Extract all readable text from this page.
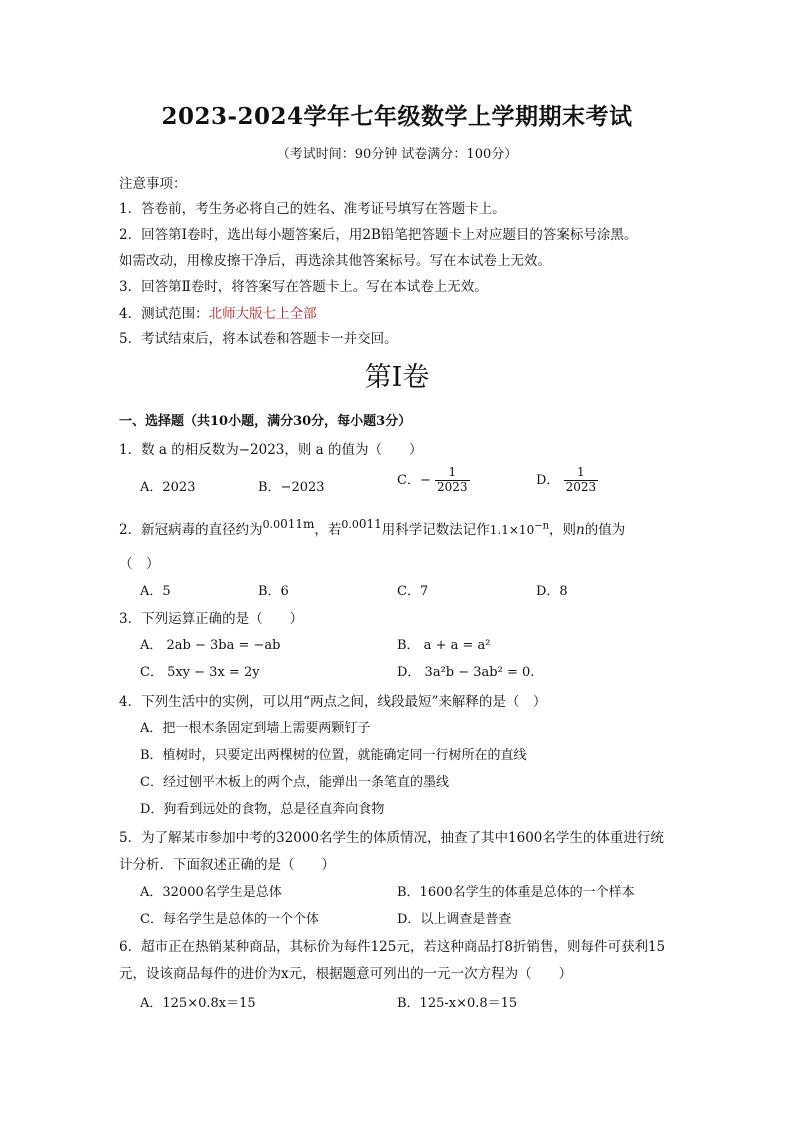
2023-2024学年七年级数学上学期期末考试
（考试时间：90分钟 试卷满分：100分）
注意事项：
1．答卷前，考生务必将自己的姓名、准考证号填写在答题卡上。
2．回答第Ⅰ卷时，选出每小题答案后，用2B铅笔把答题卡上对应题目的答案标号涂黑。
如需改动，用橡皮擦干净后，再选涂其他答案标号。写在本试卷上无效。
3．回答第Ⅱ卷时，将答案写在答题卡上。写在本试卷上无效。
4．测试范围：北师大版七上全部
5．考试结束后，将本试卷和答题卡一并交回。
第Ⅰ卷
一、选择题（共10小题，满分30分，每小题3分）
1．数 a 的相反数为−2023，则 a 的值为（　　）
A．2023	B．−2023	C．− $\frac{1}{2023}$	D． $\frac{1}{2023}$
2．新冠病毒的直径约为$^{0.0}$011m，若$^{0.0}$011用科学记数法记作$1.1\times 10^{-n}$，则n的值为
（　）
A．5	B．6	C．7	D．8
3．下列运算正确的是（　　）
A． 2ab − 3ba = −ab	B． a + a = a²
C． 5xy − 3x = 2y	D． 3a²b − 3ab² = 0.
4．下列生活中的实例，可以用“两点之间，线段最短”来解释的是（　）
A．把一根木条固定到墙上需要两颗钉子
B．植树时，只要定出两棵树的位置，就能确定同一行树所在的直线
C．经过刨平木板上的两个点，能弹出一条笔直的墨线
D．狗看到远处的食物，总是径直奔向食物
5．为了解某市参加中考的32000名学生的体质情况，抽查了其中1600名学生的体重进行统
计分析．下面叙述正确的是（　　）
A．32000名学生是总体	B．1600名学生的体重是总体的一个样本
C．每名学生是总体的一个个体	D．以上调查是普查
6．超市正在热销某种商品，其标价为每件125元，若这种商品打8折销售，则每件可获利15
元，设该商品每件的进价为x元，根据题意可列出的一元一次方程为（　　）
A．125×0.8x＝15	B．125-x×0.8＝15
